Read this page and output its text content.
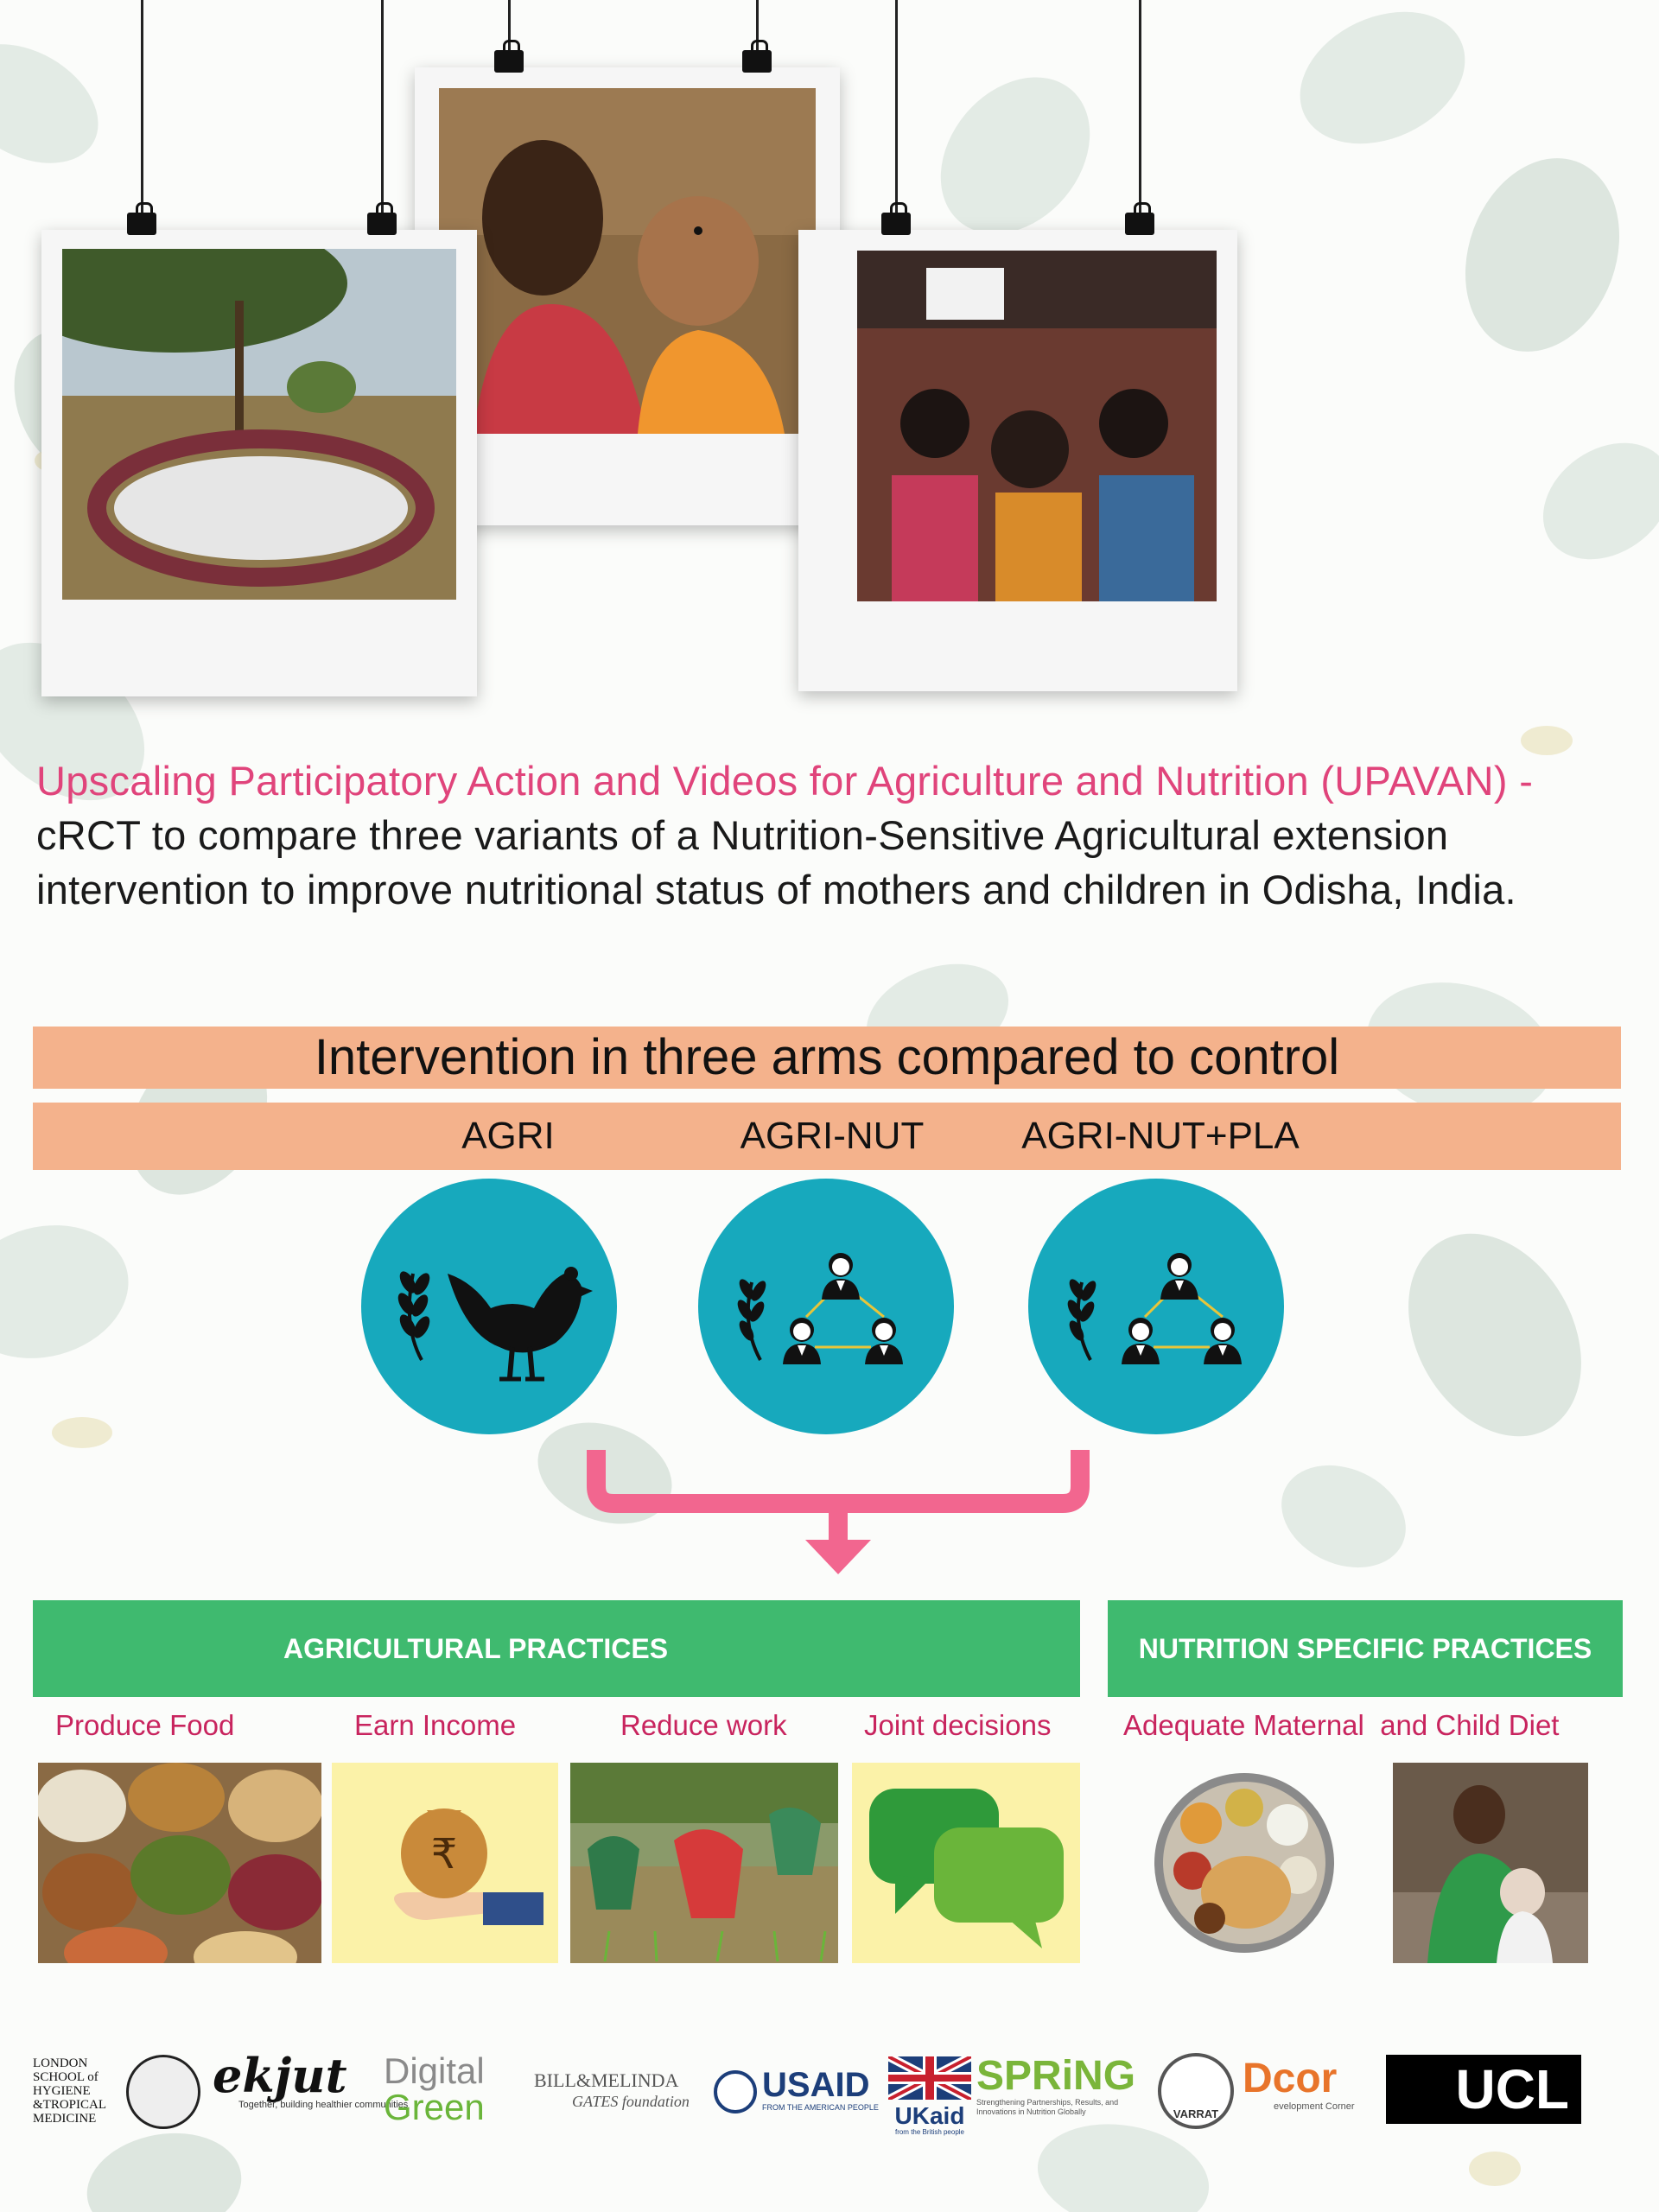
Upscaling Participatory Action and Videos for Agriculture and Nutrition (UPAVAN) - cRCT to compare three variants of a Nutrition-Sensitive Agricultural extension intervention to improve nutritional status of mothers and children in Odisha, India.
Intervention in three arms compared to control
AGRI	AGRI-NUT	AGRI-NUT+PLA
AGRICULTURAL PRACTICES	NUTRITION SPECIFIC PRACTICES
Produce Food	Earn Income	Reduce work	Joint decisions	Adequate Maternal  and Child Diet
₹
LONDON
SCHOOL of
HYGIENE
&TROPICAL
MEDICINE
ekjut
Together, building healthier communities
Digital
Green
BILL&MELINDA
GATES foundation USAID
FROM THE AMERICAN PEOPLE UKaid
from the British people
SPRiNG
Strengthening Partnerships, Results, and Innovations in Nutrition Globally	VARRAT
Dcor
evelopment Corner	UCL
